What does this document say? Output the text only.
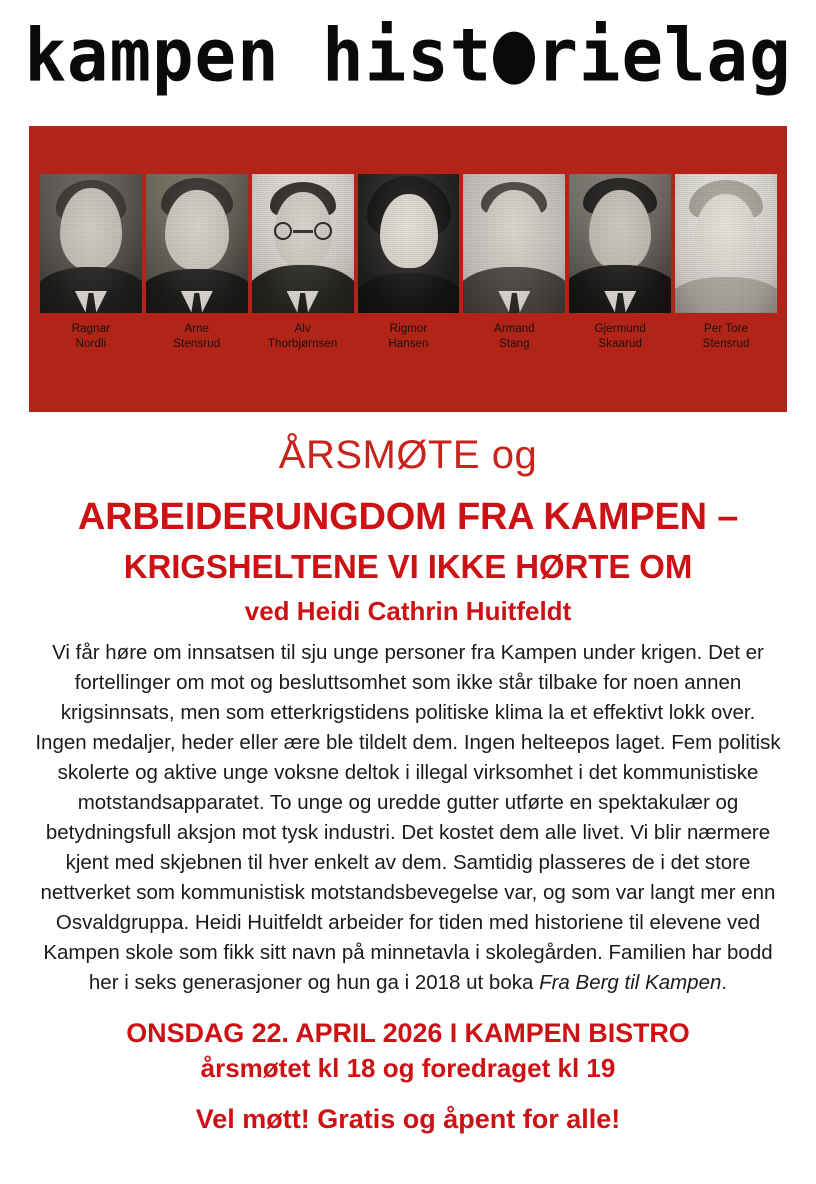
kampen hist rielag
Ragnar
Nordli
Arne
Stensrud
Alv
Thorbjørnsen
Rigmor
Hansen
Armand
Stang
Gjermund
Skaarud
Per Tore
Stensrud
ÅRSMØTE og
ARBEIDERUNGDOM FRA KAMPEN –
KRIGSHELTENE VI IKKE HØRTE OM
ved Heidi Cathrin Huitfeldt
Vi får høre om innsatsen til sju unge personer fra Kampen under krigen. Det er fortellinger om mot og besluttsomhet som ikke står tilbake for noen annen krigsinnsats, men som etterkrigstidens politiske klima la et effektivt lokk over. Ingen medaljer, heder eller ære ble tildelt dem. Ingen helteepos laget. Fem politisk skolerte og aktive unge voksne deltok i illegal virksomhet i det kommunistiske motstandsapparatet. To unge og uredde gutter utførte en spektakulær og betydningsfull aksjon mot tysk industri. Det kostet dem alle livet. Vi blir nærmere kjent med skjebnen til hver enkelt av dem. Samtidig plasseres de i det store nettverket som kommunistisk motstandsbevegelse var, og som var langt mer enn Osvaldgruppa. Heidi Huitfeldt arbeider for tiden med historiene til elevene ved Kampen skole som fikk sitt navn på minnetavla i skolegården. Familien har bodd her i seks generasjoner og hun ga i 2018 ut boka Fra Berg til Kampen.
ONSDAG 22. APRIL 2026 I KAMPEN BISTRO
årsmøtet kl 18 og foredraget kl 19
Vel møtt! Gratis og åpent for alle!
